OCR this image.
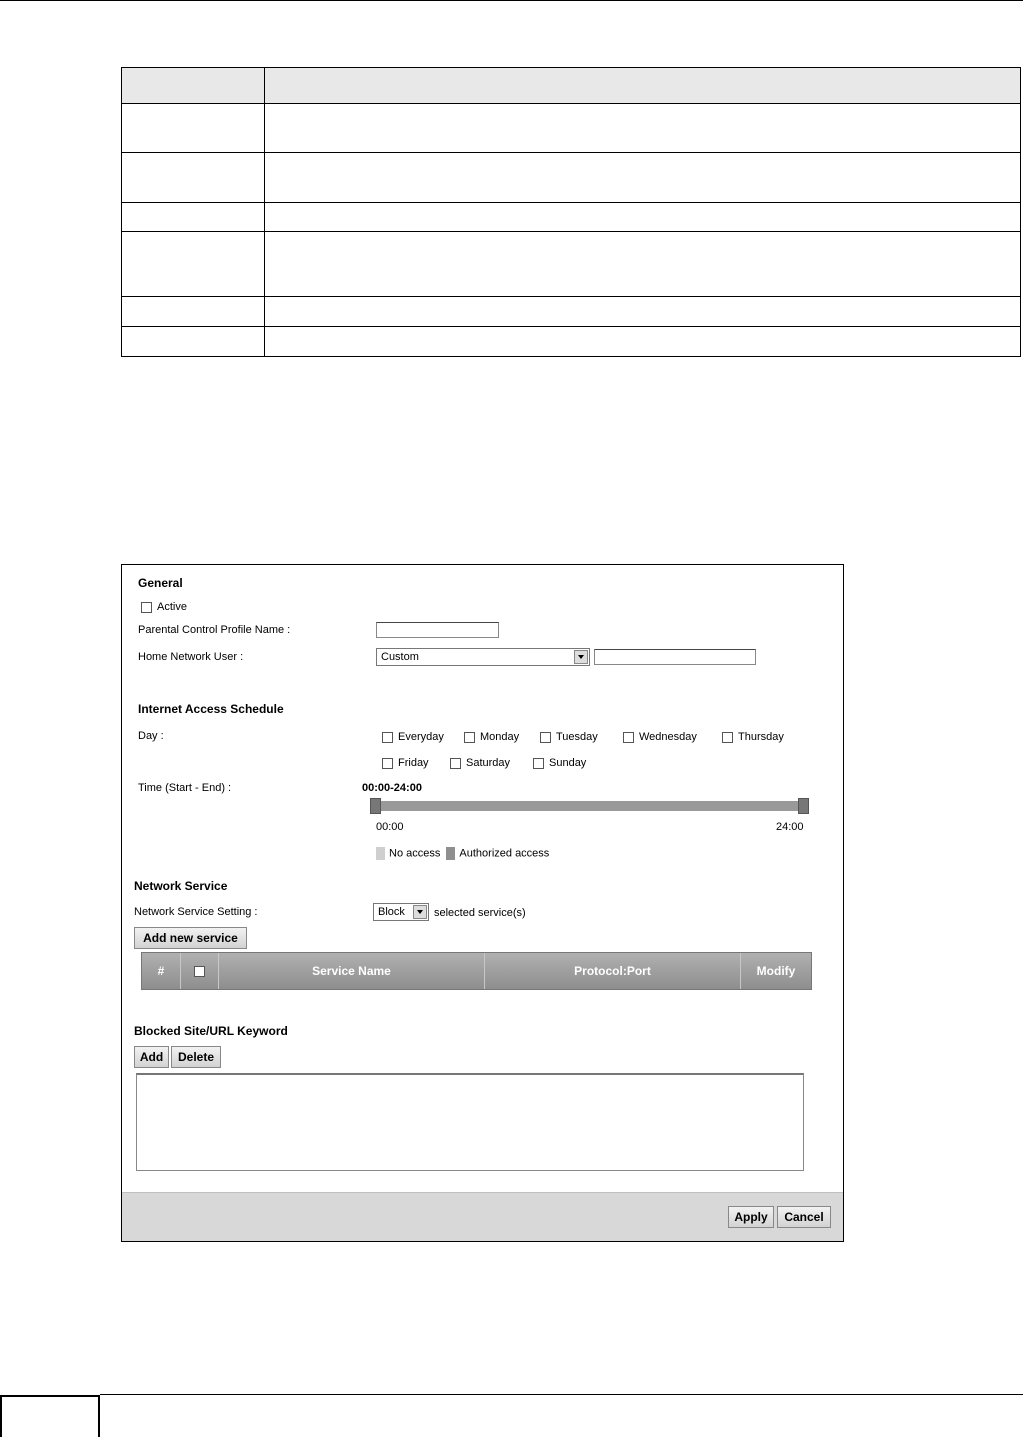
General
Active
Parental Control Profile Name :
Home Network User :	Custom
Internet Access Schedule
Day :	Everyday	Monday	Tuesday	Wednesday	Thursday
Friday	Saturday	Sunday
Time (Start - End) :	00:00-24:00
00:00	24:00
No access Authorized access
Network Service
Network Service Setting :	Block	selected service(s)
Add new service
#	Service Name	Protocol:Port	Modify
Blocked Site/URL Keyword
Add	Delete
Apply	Cancel
